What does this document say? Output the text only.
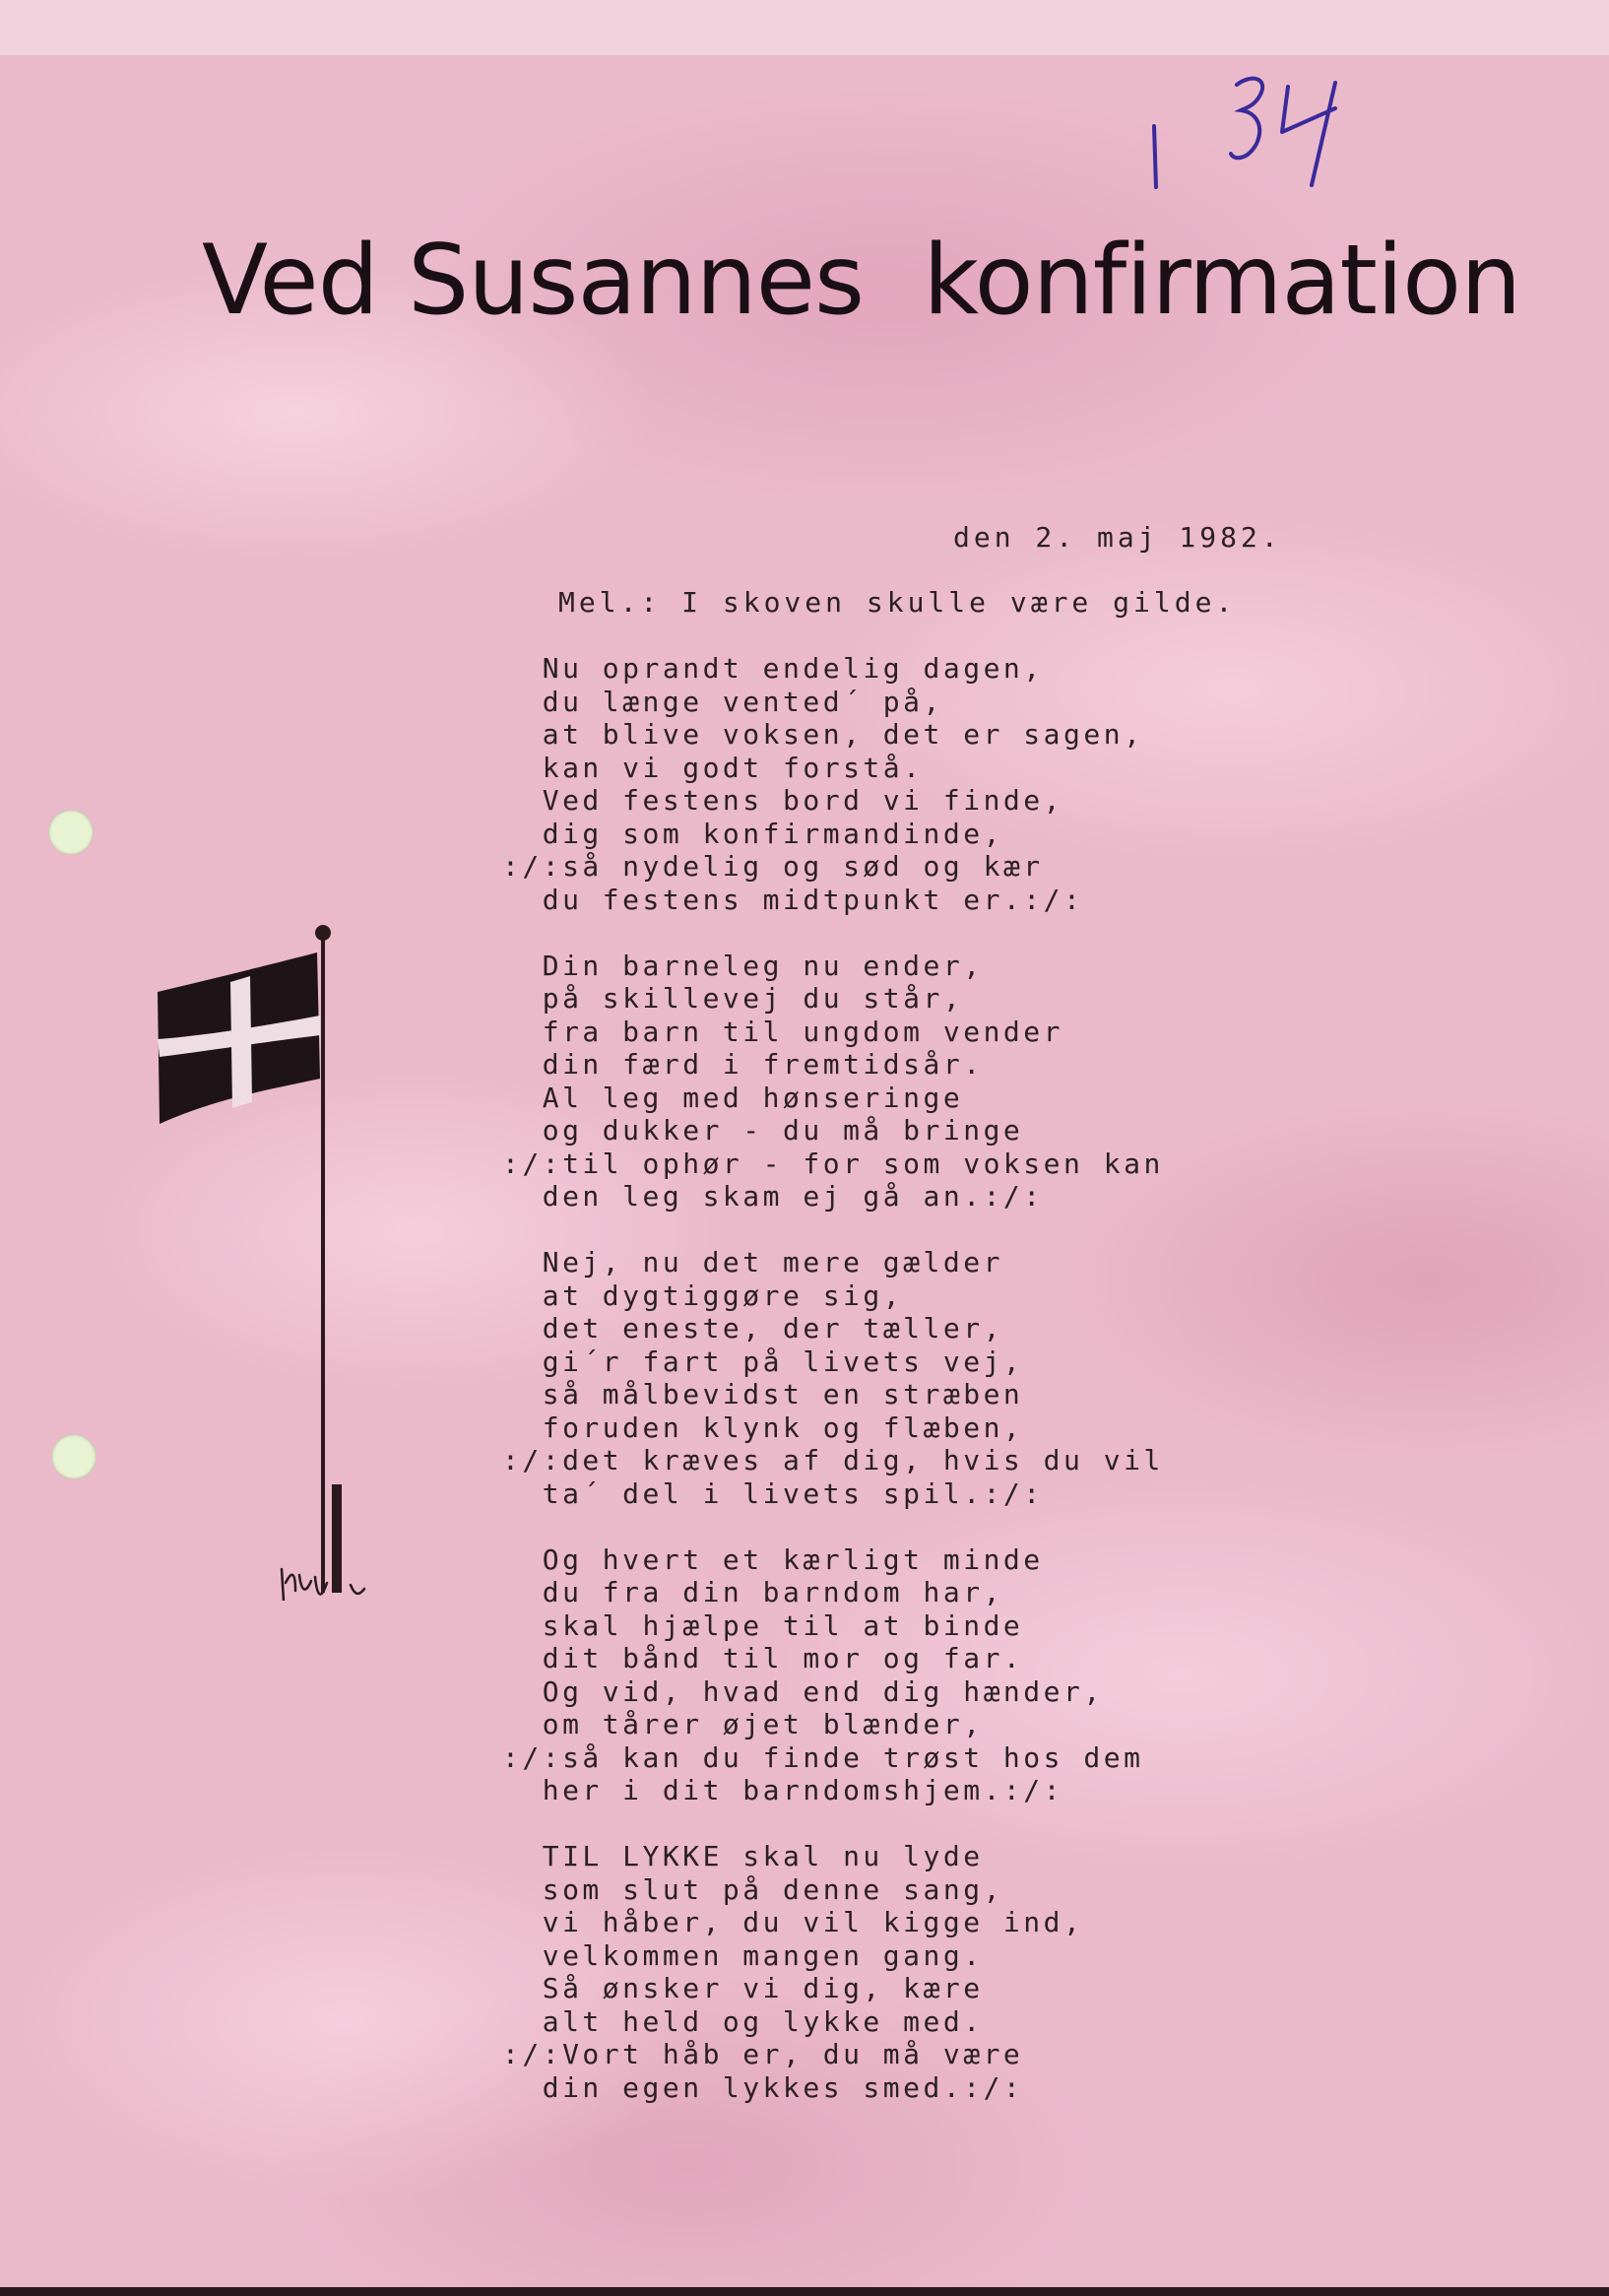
Ved Susannes  konfirmation
den 2. maj 1982.
Mel.: I skoven skulle være gilde.
Nu oprandt endelig dagen,
du længe vented´ på,
at blive voksen, det er sagen,
kan vi godt forstå.
Ved festens bord vi finde,
dig som konfirmandinde,
:/:så nydelig og sød og kær
du festens midtpunkt er.:/:
Din barneleg nu ender,
på skillevej du står,
fra barn til ungdom vender
din færd i fremtidsår.
Al leg med hønseringe
og dukker - du må bringe
:/:til ophør - for som voksen kan
den leg skam ej gå an.:/:
Nej, nu det mere gælder
at dygtiggøre sig,
det eneste, der tæller,
gi´r fart på livets vej,
så målbevidst en stræben
foruden klynk og flæben,
:/:det kræves af dig, hvis du vil
ta´ del i livets spil.:/:
Og hvert et kærligt minde
du fra din barndom har,
skal hjælpe til at binde
dit bånd til mor og far.
Og vid, hvad end dig hænder,
om tårer øjet blænder,
:/:så kan du finde trøst hos dem
her i dit barndomshjem.:/:
TIL LYKKE skal nu lyde
som slut på denne sang,
vi håber, du vil kigge ind,
velkommen mangen gang.
Så ønsker vi dig, kære
alt held og lykke med.
:/:Vort håb er, du må være
din egen lykkes smed.:/:
